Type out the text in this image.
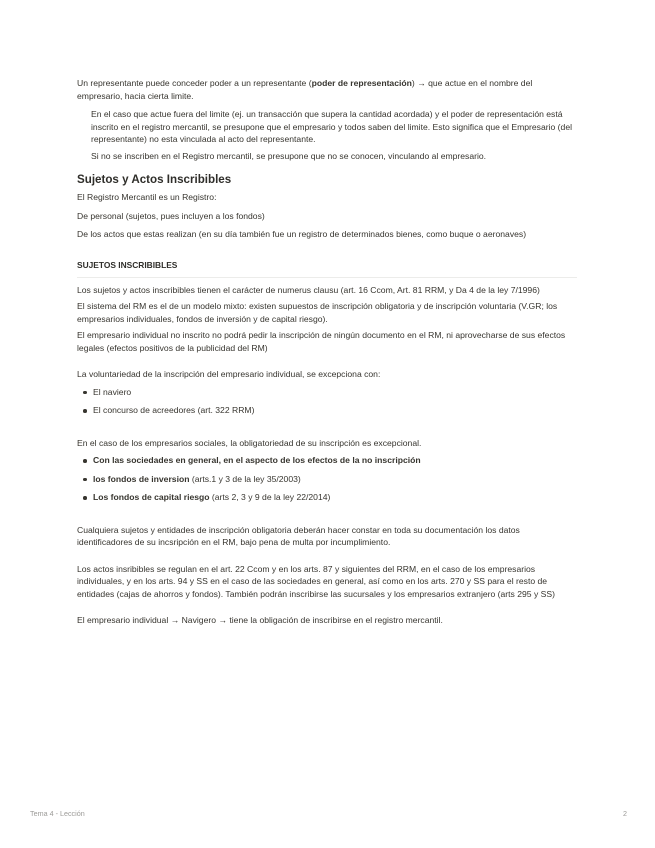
Un representante puede conceder poder a un representante (poder de representación) → que actue en el nombre del empresario, hacia cierta limite.

En el caso que actue fuera del limite (ej. un transacción que supera la cantidad acordada) y el poder de representación está inscrito en el registro mercantil, se presupone que el empresario y todos saben del limite. Esto significa que el Empresario (del representante) no esta vinculada al acto del representante.

Si no se inscriben en el Registro mercantil, se presupone que no se conocen, vinculando al empresario.

Sujetos y Actos Inscribibles

El Registro Mercantil es un Registro:

De personal (sujetos, pues incluyen a los fondos)

De los actos que estas realizan (en su día también fue un registro de determinados bienes, como buque o aeronaves)

SUJETOS INSCRIBIBLES

Los sujetos y actos inscribibles tienen el carácter de numerus clausu (art. 16 Ccom, Art. 81 RRM, y Da 4 de la ley 7/1996)

El sistema del RM es el de un modelo mixto: existen supuestos de inscripción obligatoria y de inscripción voluntaria (V.GR; los empresarios individuales, fondos de inversión y de capital riesgo).

El empresario individual no inscrito no podrá pedir la inscripción de ningún documento en el RM, ni aprovecharse de sus efectos legales (efectos positivos de la publicidad del RM)

La voluntariedad de la inscripción del empresario individual, se excepciona con:

El naviero
El concurso de acreedores (art. 322 RRM)

En el caso de los empresarios sociales, la obligatoriedad de su inscripción es excepcional.

Con las sociedades en general, en el aspecto de los efectos de la no inscripción
los fondos de inversion (arts.1 y 3 de la ley 35/2003)
Los fondos de capital riesgo (arts 2, 3 y 9 de la ley 22/2014)

Cualquiera sujetos y entidades de inscripción obligatoria deberán hacer constar en toda su documentación los datos identificadores de su incsripción en el RM, bajo pena de multa por incumplimiento.

Los actos insribibles se regulan en el art. 22 Ccom y en los arts. 87 y siguientes del RRM, en el caso de los empresarios individuales, y en los arts. 94 y SS en el caso de las sociedades en general, así como en los arts. 270 y SS para el resto de entidades (cajas de ahorros y fondos). También podrán inscribirse las sucursales y los empresarios extranjero (arts 295 y SS)

El empresario individual → Navigero → tiene la obligación de inscribirse en el registro mercantil.

Tema 4 - Lección	2
